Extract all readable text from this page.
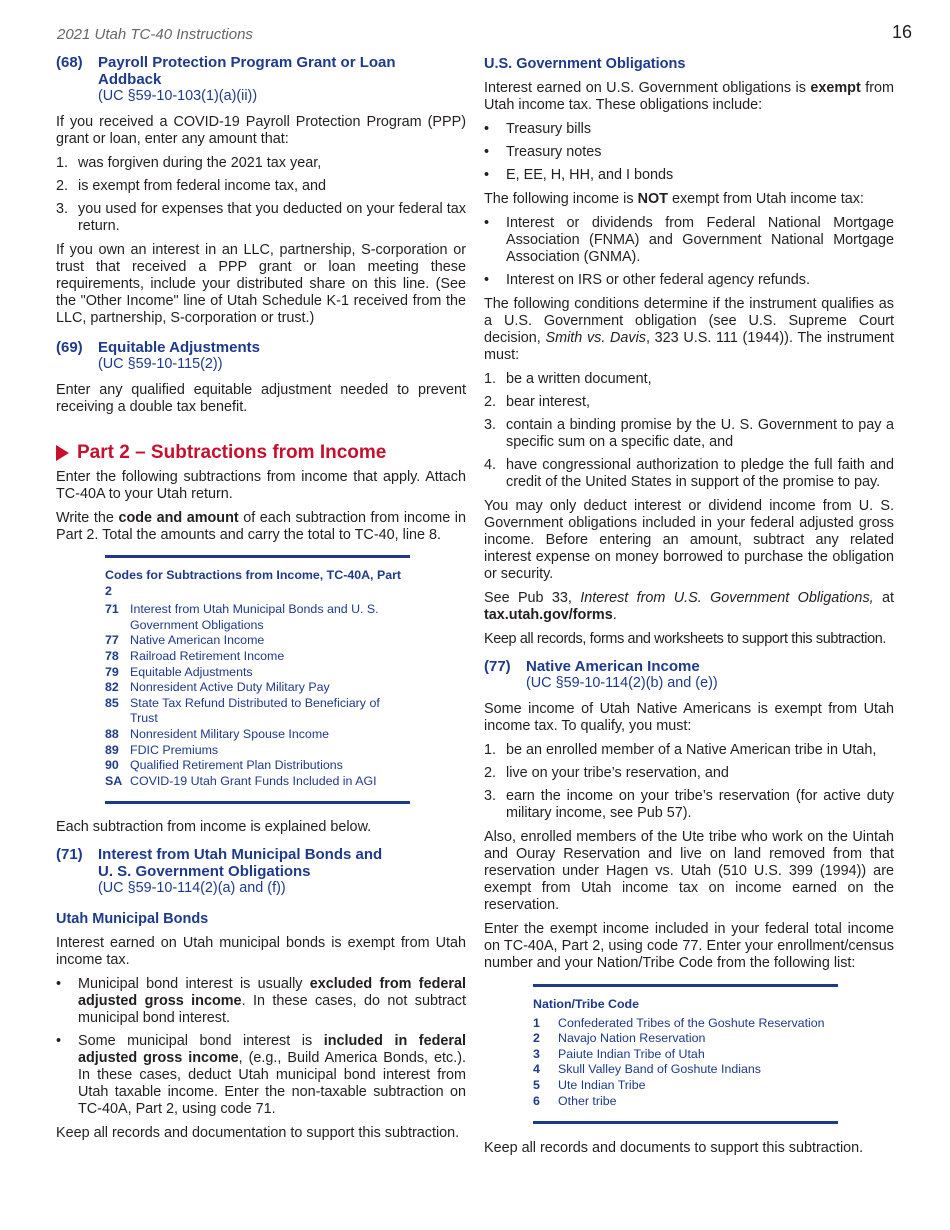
2021 Utah TC-40 Instructions	16
(68)	Payroll Protection Program Grant or Loan
Addback
(UC §59-10-103(1)(a)(ii))

If you received a COVID-19 Payroll Protection Program (PPP) grant or loan, enter any amount that:

1. was forgiven during the 2021 tax year,
2. is exempt from federal income tax, and
3. you used for expenses that you deducted on your federal tax return.

If you own an interest in an LLC, partnership, S-corporation or trust that received a PPP grant or loan meeting these requirements, include your distributed share on this line. (See the "Other Income" line of Utah Schedule K-1 received from the LLC, partnership, S-corporation or trust.)

(69)	Equitable Adjustments
(UC §59-10-115(2))

Enter any qualified equitable adjustment needed to prevent receiving a double tax benefit.

Part 2 – Subtractions from Income

Enter the following subtractions from income that apply. Attach TC-40A to your Utah return.

Write the code and amount of each subtraction from income in Part 2. Total the amounts and carry the total to TC-40, line 8.

Codes for Subtractions from Income, TC-40A, Part 2
71 Interest from Utah Municipal Bonds and U. S. Government Obligations
77 Native American Income
78 Railroad Retirement Income
79 Equitable Adjustments
82 Nonresident Active Duty Military Pay
85 State Tax Refund Distributed to Beneficiary of Trust
88 Nonresident Military Spouse Income
89 FDIC Premiums
90 Qualified Retirement Plan Distributions
SA COVID-19 Utah Grant Funds Included in AGI

Each subtraction from income is explained below.

(71)	Interest from Utah Municipal Bonds and
U. S. Government Obligations
(UC §59-10-114(2)(a) and (f))
Utah Municipal Bonds

Interest earned on Utah municipal bonds is exempt from Utah income tax.

•	Municipal bond interest is usually excluded from federal adjusted gross income. In these cases, do not subtract municipal bond interest.
•	Some municipal bond interest is included in federal adjusted gross income, (e.g., Build America Bonds, etc.). In these cases, deduct Utah municipal bond interest from Utah taxable income. Enter the non-taxable subtraction on TC-40A, Part 2, using code 71.

Keep all records and documentation to support this subtraction.

U.S. Government Obligations

Interest earned on U.S. Government obligations is exempt from Utah income tax. These obligations include:

•	Treasury bills
•	Treasury notes
•	E, EE, H, HH, and I bonds

The following income is NOT exempt from Utah income tax:

•	Interest or dividends from Federal National Mortgage Association (FNMA) and Government National Mortgage Association (GNMA).
•	Interest on IRS or other federal agency refunds.

The following conditions determine if the instrument qualifies as a U.S. Government obligation (see U.S. Supreme Court decision, Smith vs. Davis, 323 U.S. 111 (1944)). The instrument must:

1. be a written document,
2. bear interest,
3. contain a binding promise by the U. S. Government to pay a specific sum on a specific date, and
4. have congressional authorization to pledge the full faith and credit of the United States in support of the promise to pay.

You may only deduct interest or dividend income from U. S. Government obligations included in your federal adjusted gross income. Before entering an amount, subtract any related interest expense on money borrowed to purchase the obligation or security.

See Pub 33, Interest from U.S. Government Obligations, at tax.utah.gov/forms.

Keep all records, forms and worksheets to support this subtraction.

(77)	Native American Income
(UC §59-10-114(2)(b) and (e))

Some income of Utah Native Americans is exempt from Utah income tax. To qualify, you must:

1. be an enrolled member of a Native American tribe in Utah,
2. live on your tribe’s reservation, and
3. earn the income on your tribe’s reservation (for active duty military income, see Pub 57).

Also, enrolled members of the Ute tribe who work on the Uintah and Ouray Reservation and live on land removed from that reservation under Hagen vs. Utah (510 U.S. 399 (1994)) are exempt from Utah income tax on income earned on the reservation.

Enter the exempt income included in your federal total income on TC-40A, Part 2, using code 77. Enter your enrollment/census number and your Nation/Tribe Code from the following list:

Nation/Tribe Code
1	Confederated Tribes of the Goshute Reservation
2	Navajo Nation Reservation
3	Paiute Indian Tribe of Utah
4	Skull Valley Band of Goshute Indians
5	Ute Indian Tribe
6	Other tribe

Keep all records and documents to support this subtraction.
